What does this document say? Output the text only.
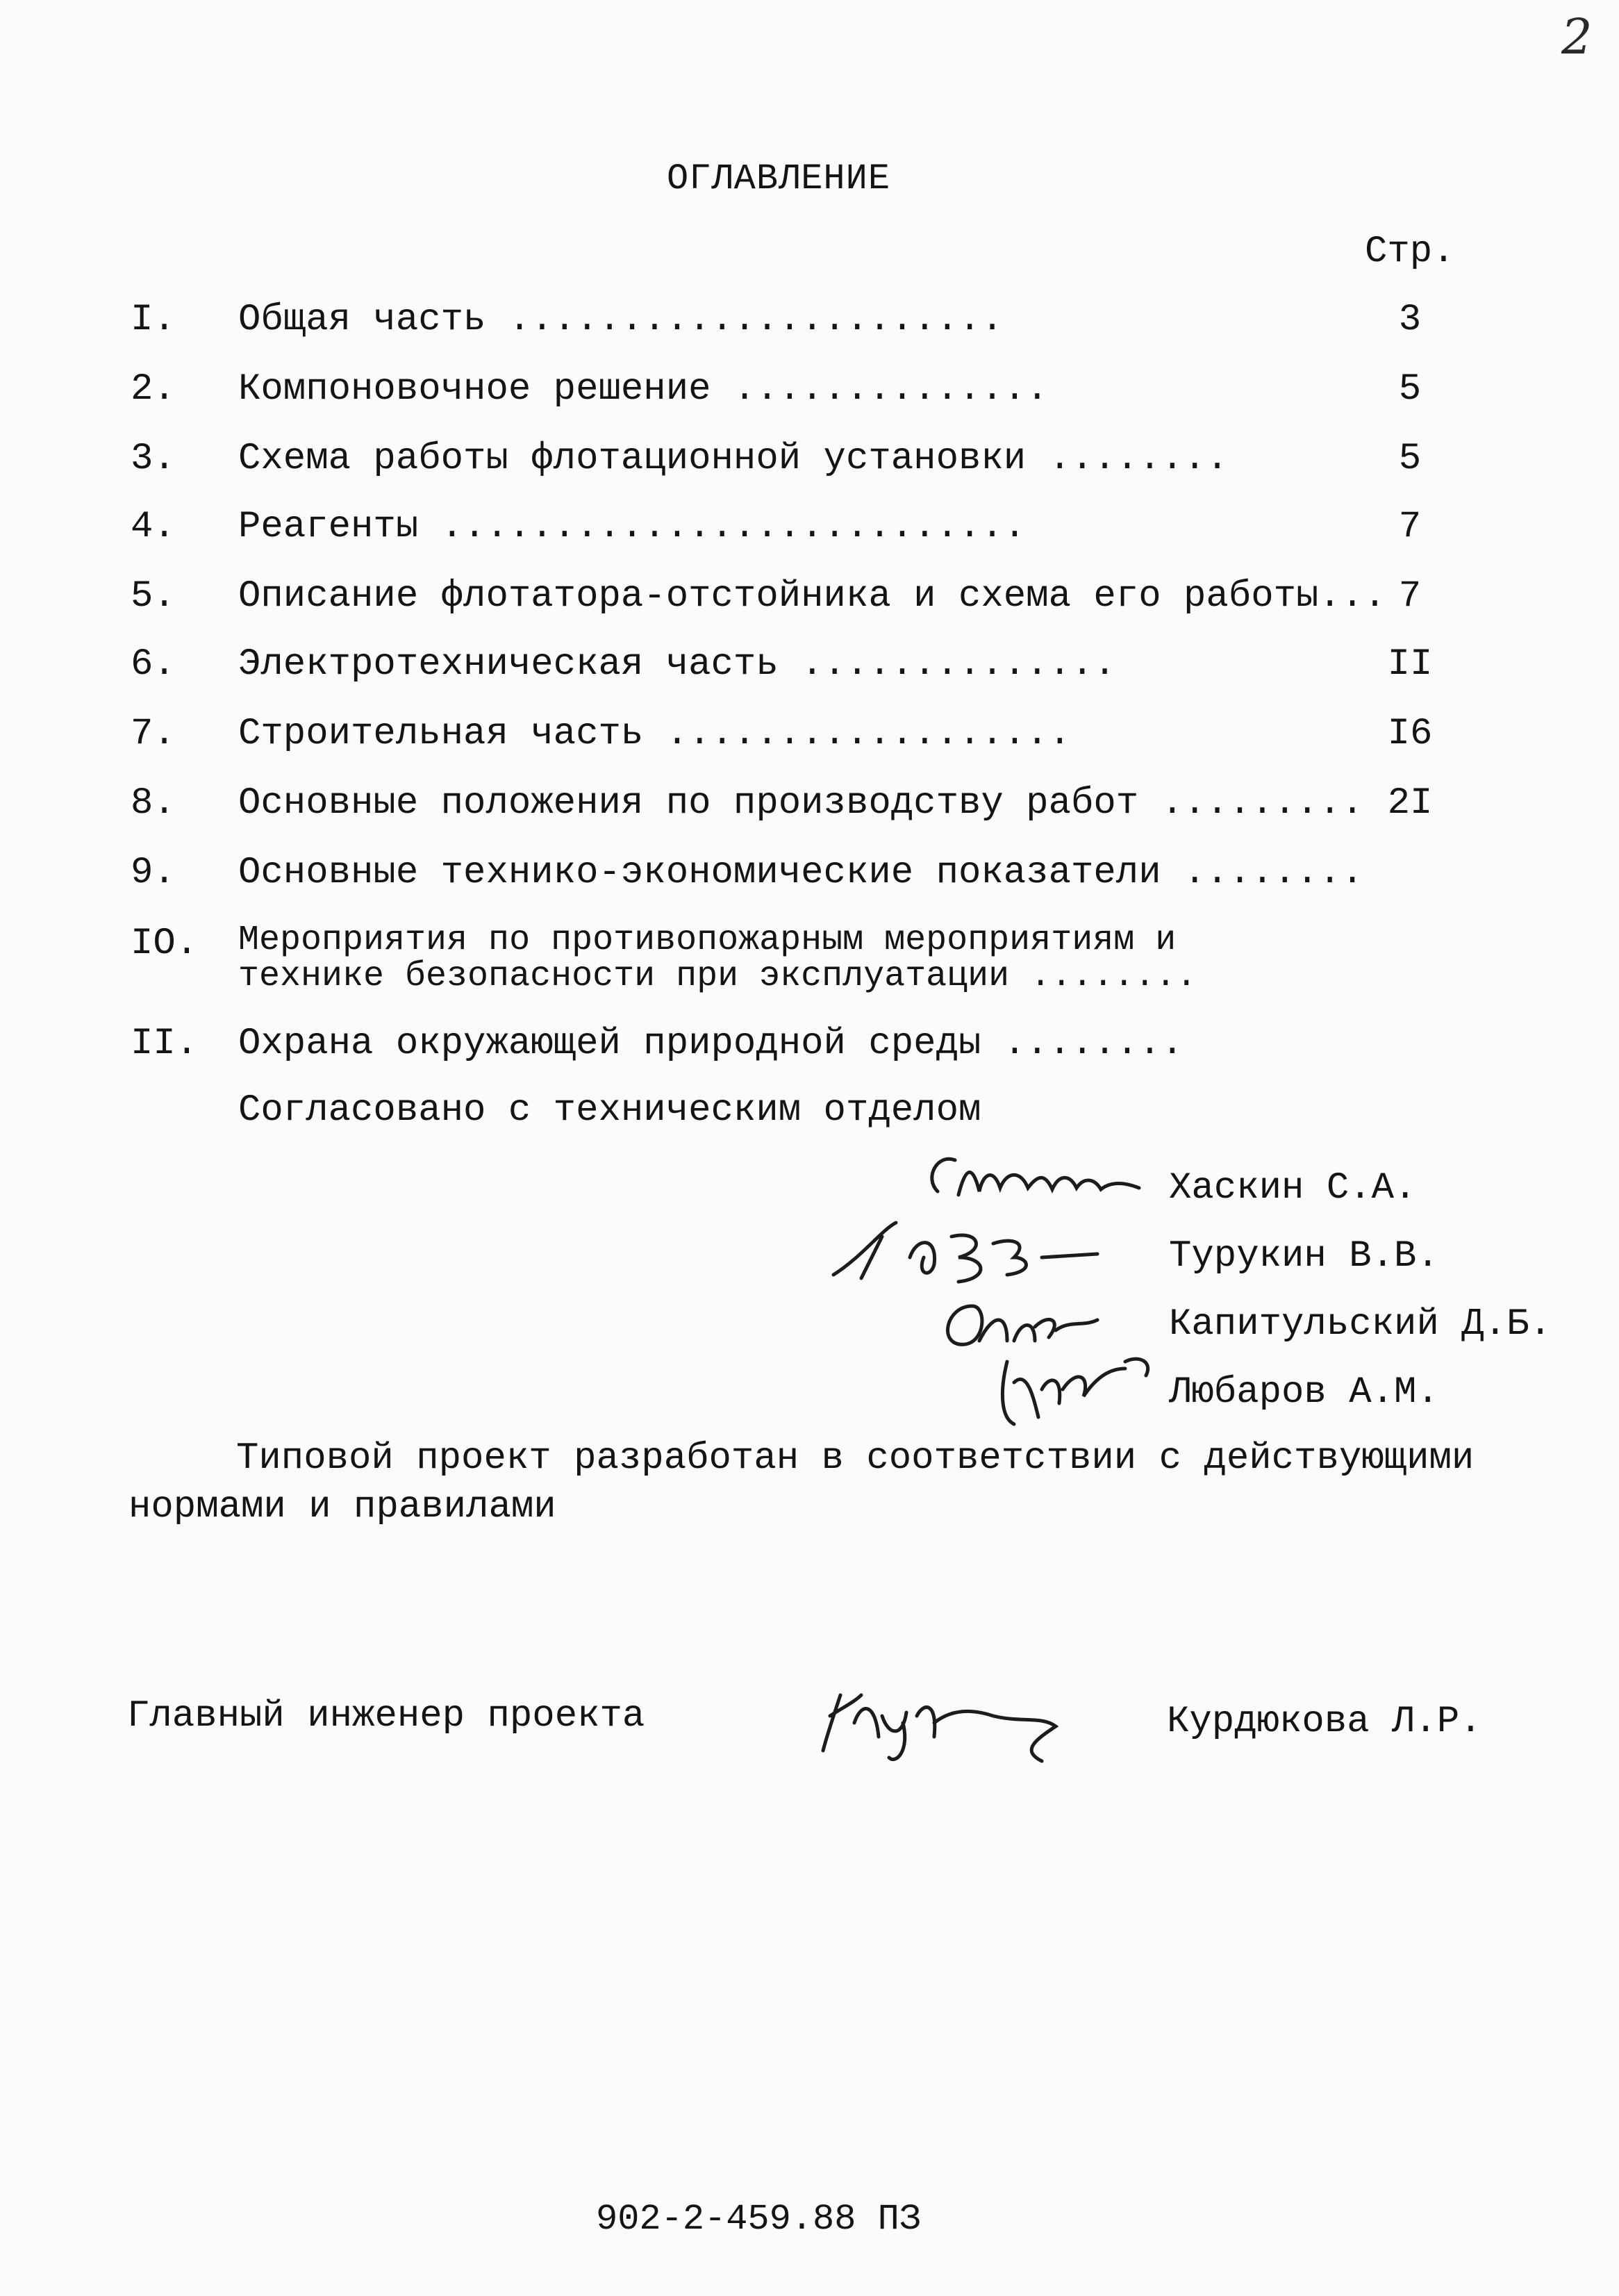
2
ОГЛАВЛЕНИЕ
Стр.
I. Общая часть ......................	3
2. Компоновочное решение ..............	5
3. Схема работы флотационной установки ........	5
4. Реагенты ..........................	7
5. Описание флотатора-отстойника и схема его работы... 7
6. Электротехническая часть ..............	II
7. Строительная часть ..................	I6
8. Основные положения по производству работ ......... 2I
9. Основные технико-экономические показатели ........
IO. Мероприятия по противопожарным мероприятиям и
технике безопасности при эксплуатации ........
II. Охрана окружающей природной среды ........
Согласовано с техническим отделом
Хаскин С.А.
Турукин В.В.
Капитульский Д.Б.
Любаров А.М.
Типовой проект разработан в соответствии с действующими
нормами и правилами
Главный инженер проекта	Курдюкова Л.Р.
902-2-459.88 ПЗ
